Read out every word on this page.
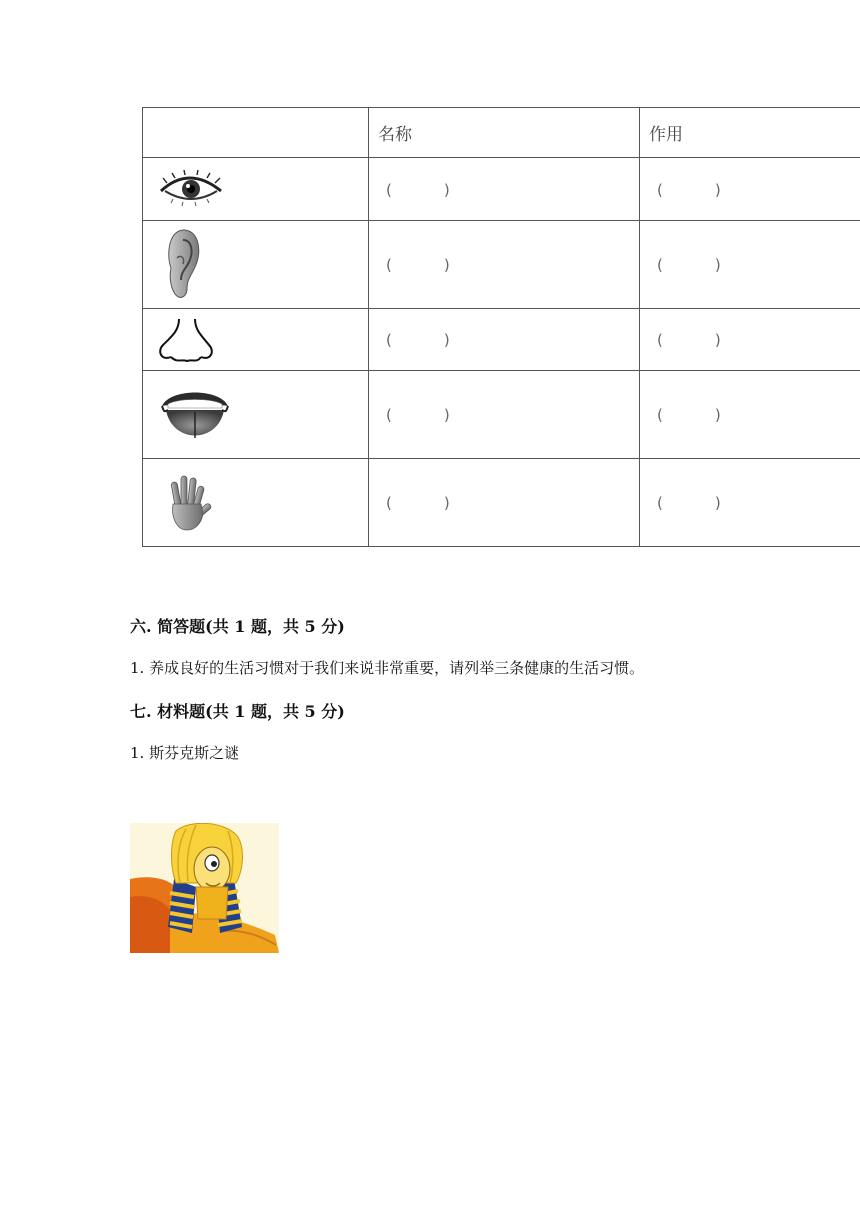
	名称	作用

	( )	( )

	( )	( )

	( )	( )

	( )	( )

	( )	( )
六. 简答题(共 1 题，共 5 分)
1. 养成良好的生活习惯对于我们来说非常重要，请列举三条健康的生活习惯。
七. 材料题(共 1 题，共 5 分)
1. 斯芬克斯之谜
